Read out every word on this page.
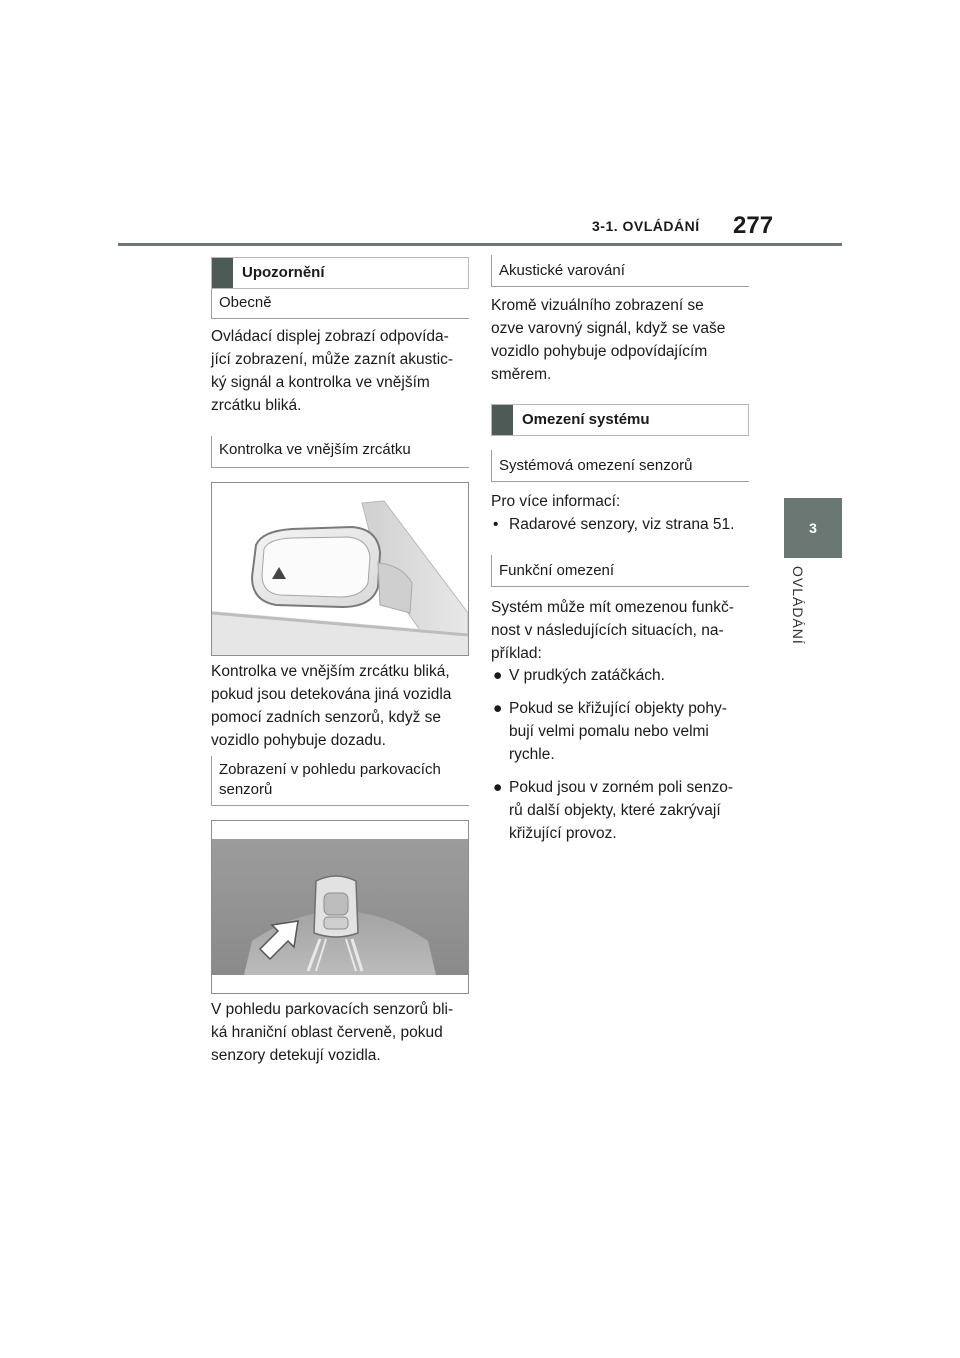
3-1. OVLÁDÁNÍ 277
3
OVLÁDÁNÍ
Upozornění
Obecně

Ovládací displej zobrazí odpovída-

jící zobrazení, může zaznít akustic-

ký signál a kontrolka ve vnějším

zrcátku bliká.

Kontrolka ve vnějším zrcátku

Kontrolka ve vnějším zrcátku bliká,

pokud jsou detekována jiná vozidla

pomocí zadních senzorů, když se

vozidlo pohybuje dozadu.

Zobrazení v pohledu parkovacích
senzorů

V pohledu parkovacích senzorů bli-

ká hraniční oblast červeně, pokud

senzory detekují vozidla.

Akustické varování

Kromě vizuálního zobrazení se

ozve varovný signál, když se vaše

vozidlo pohybuje odpovídajícím

směrem.

Omezení systému
Systémová omezení senzorů

Pro více informací:

• Radarové senzory, viz strana 51.
Funkční omezení

Systém může mít omezenou funkč-

nost v následujících situacích, na-

příklad:

● V prudkých zatáčkách.
● Pokud se křižující objekty pohy-
bují velmi pomalu nebo velmi
rychle.
● Pokud jsou v zorném poli senzo-
rů další objekty, které zakrývají
křižující provoz.
